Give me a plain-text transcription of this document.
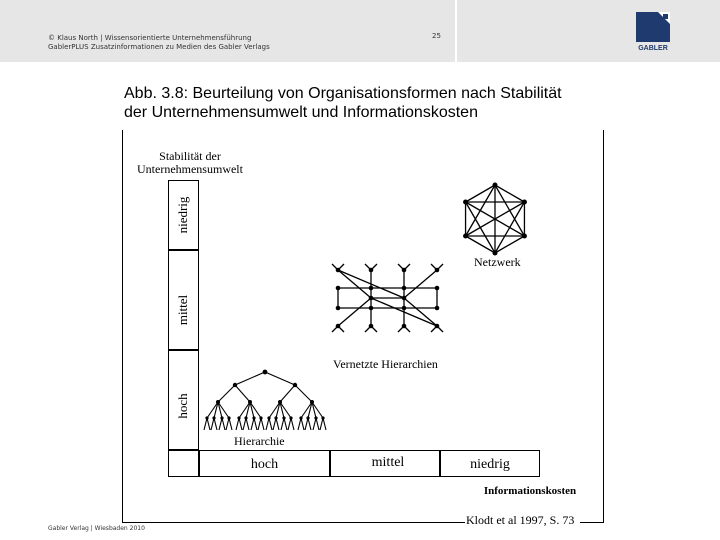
© Klaus North | Wissensorientierte Unternehmensführung
GablerPLUS Zusatzinformationen zu Medien des Gabler Verlags
25
GABLER
Abb. 3.8: Beurteilung von Organisationsformen nach Stabilität
der Unternehmensumwelt und Informationskosten
Stabilität der
Unternehmensumwelt
niedrig
mittel
hoch
hoch	mittel	niedrig
Informationskosten
Netzwerk
Vernetzte Hierarchien
Hierarchie
Klodt et al 1997, S. 73
Gabler Verlag | Wiesbaden 2010
